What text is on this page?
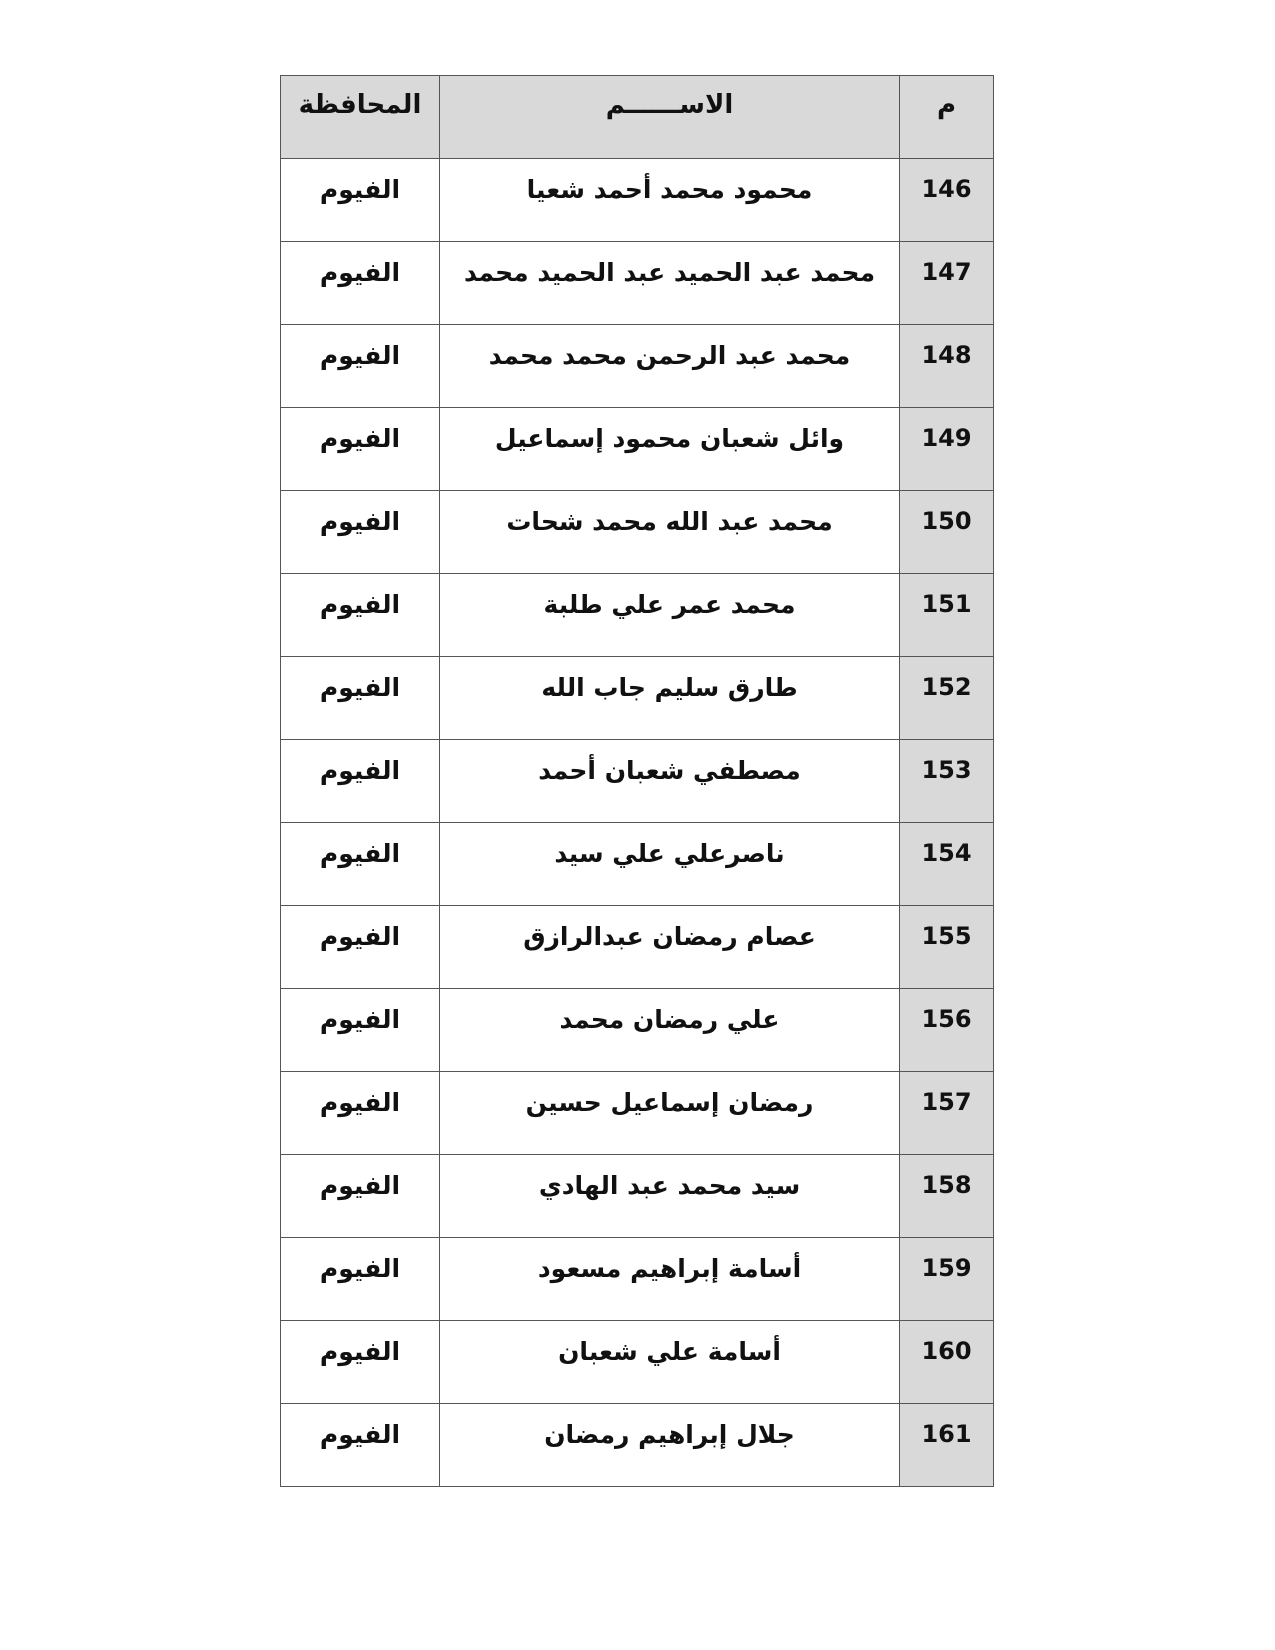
م	الاســــــم	المحافظة

146	محمود محمد أحمد شعيا	الفيوم

147	محمد عبد الحميد عبد الحميد محمد	الفيوم

148	محمد عبد الرحمن محمد محمد	الفيوم

149	وائل شعبان محمود إسماعيل	الفيوم

150	محمد عبد الله محمد شحات	الفيوم

151	محمد عمر علي طلبة	الفيوم

152	طارق سليم جاب الله	الفيوم

153	مصطفي شعبان أحمد	الفيوم

154	ناصرعلي علي سيد	الفيوم

155	عصام رمضان عبدالرازق	الفيوم

156	علي رمضان محمد	الفيوم

157	رمضان إسماعيل حسين	الفيوم

158	سيد محمد عبد الهادي	الفيوم

159	أسامة إبراهيم مسعود	الفيوم

160	أسامة علي شعبان	الفيوم

161	جلال إبراهيم رمضان	الفيوم
